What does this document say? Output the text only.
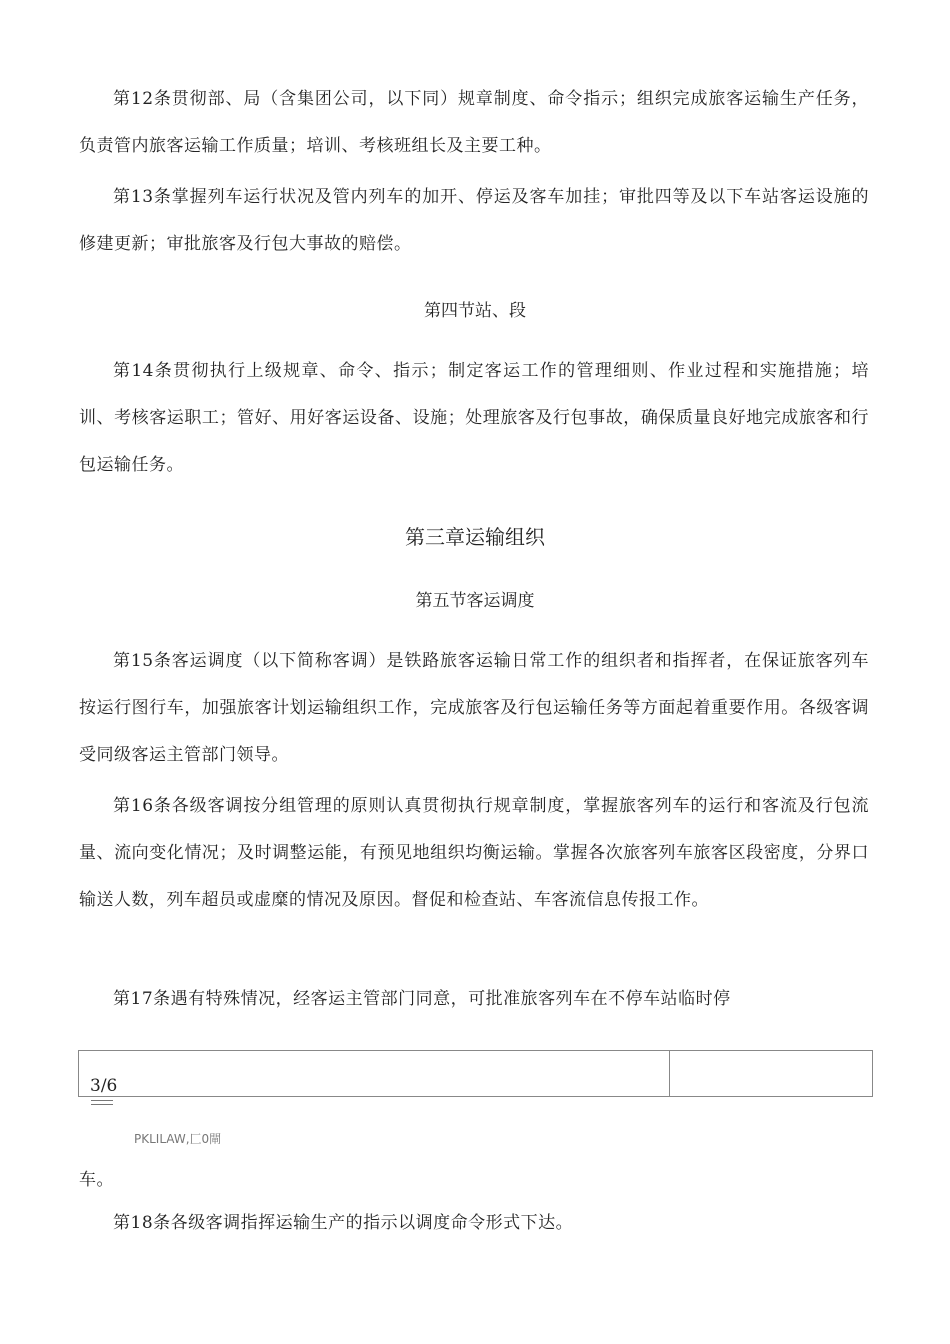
第12条贯彻部、局（含集团公司，以下同）规章制度、命令指示；组织完成旅客运输生产任务，负责管内旅客运输工作质量；培训、考核班组长及主要工种。

第13条掌握列车运行状况及管内列车的加开、停运及客车加挂；审批四等及以下车站客运设施的修建更新；审批旅客及行包大事故的赔偿。

第四节站、段

第14条贯彻执行上级规章、命令、指示；制定客运工作的管理细则、作业过程和实施措施；培训、考核客运职工；管好、用好客运设备、设施；处理旅客及行包事故，确保质量良好地完成旅客和行包运输任务。

第三章运输组织
第五节客运调度

第15条客运调度（以下简称客调）是铁路旅客运输日常工作的组织者和指挥者，在保证旅客列车按运行图行车，加强旅客计划运输组织工作，完成旅客及行包运输任务等方面起着重要作用。各级客调受同级客运主管部门领导。

第16条各级客调按分组管理的原则认真贯彻执行规章制度，掌握旅客列车的运行和客流及行包流量、流向变化情况；及时调整运能，有预见地组织均衡运输。掌握各次旅客列车旅客区段密度，分界口输送人数，列车超员或虚糜的情况及原因。督促和检查站、车客流信息传报工作。

第17条遇有特殊情况，经客运主管部门同意，可批准旅客列车在不停车站临时停

3/6

PKLILAW,匚0閘

车。

第18条各级客调指挥运输生产的指示以调度命令形式下达。
